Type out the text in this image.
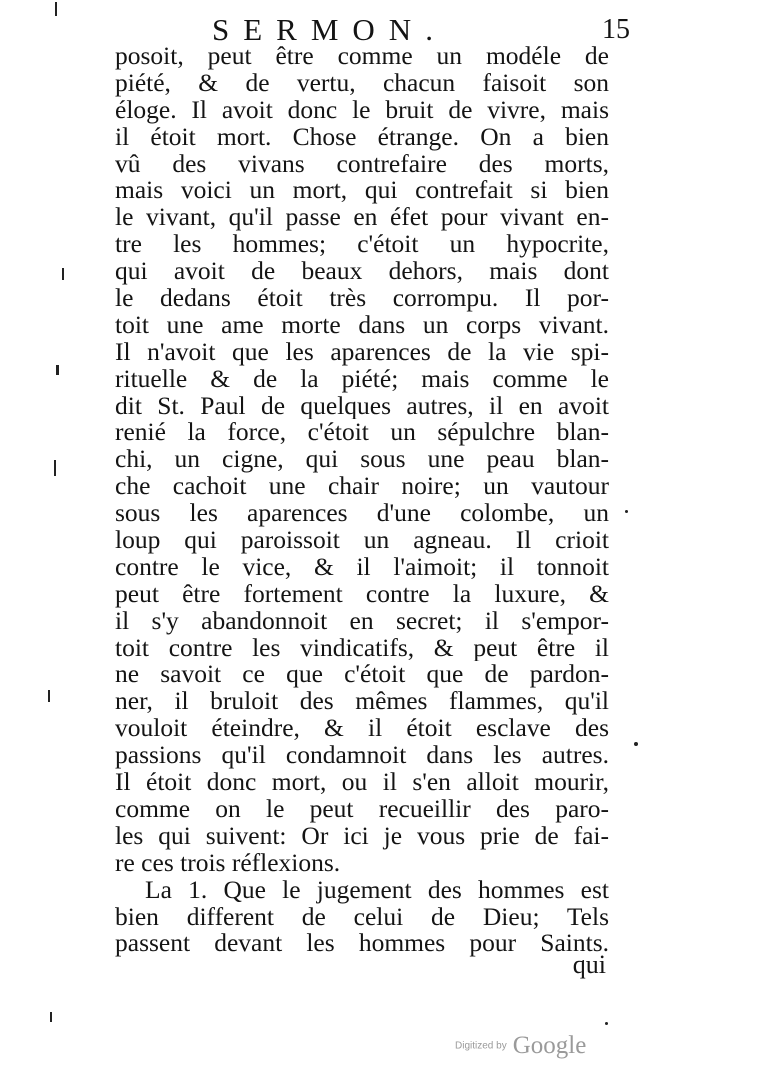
SERMON.	15
posoit, peut être comme un modéle de
piété, & de vertu, chacun faisoit son
éloge. Il avoit donc le bruit de vivre, mais
il étoit mort. Chose étrange. On a bien
vû des vivans contrefaire des morts,
mais voici un mort, qui contrefait si bien
le vivant, qu'il passe en éfet pour vivant en-
tre les hommes; c'étoit un hypocrite,
qui avoit de beaux dehors, mais dont
le dedans étoit très corrompu. Il por-
toit une ame morte dans un corps vivant.
Il n'avoit que les aparences de la vie spi-
rituelle & de la piété; mais comme le
dit St. Paul de quelques autres, il en avoit
renié la force, c'étoit un sépulchre blan-
chi, un cigne, qui sous une peau blan-
che cachoit une chair noire; un vautour
sous les aparences d'une colombe, un
loup qui paroissoit un agneau. Il crioit
contre le vice, & il l'aimoit; il tonnoit
peut être fortement contre la luxure, &
il s'y abandonnoit en secret; il s'empor-
toit contre les vindicatifs, & peut être il
ne savoit ce que c'étoit que de pardon-
ner, il bruloit des mêmes flammes, qu'il
vouloit éteindre, & il étoit esclave des
passions qu'il condamnoit dans les autres.
Il étoit donc mort, ou il s'en alloit mourir,
comme on le peut recueillir des paro-
les qui suivent: Or ici je vous prie de fai-
re ces trois réflexions.
La 1. Que le jugement des hommes est
bien different de celui de Dieu; Tels
passent devant les hommes pour Saints.
qui
Digitized by Google
